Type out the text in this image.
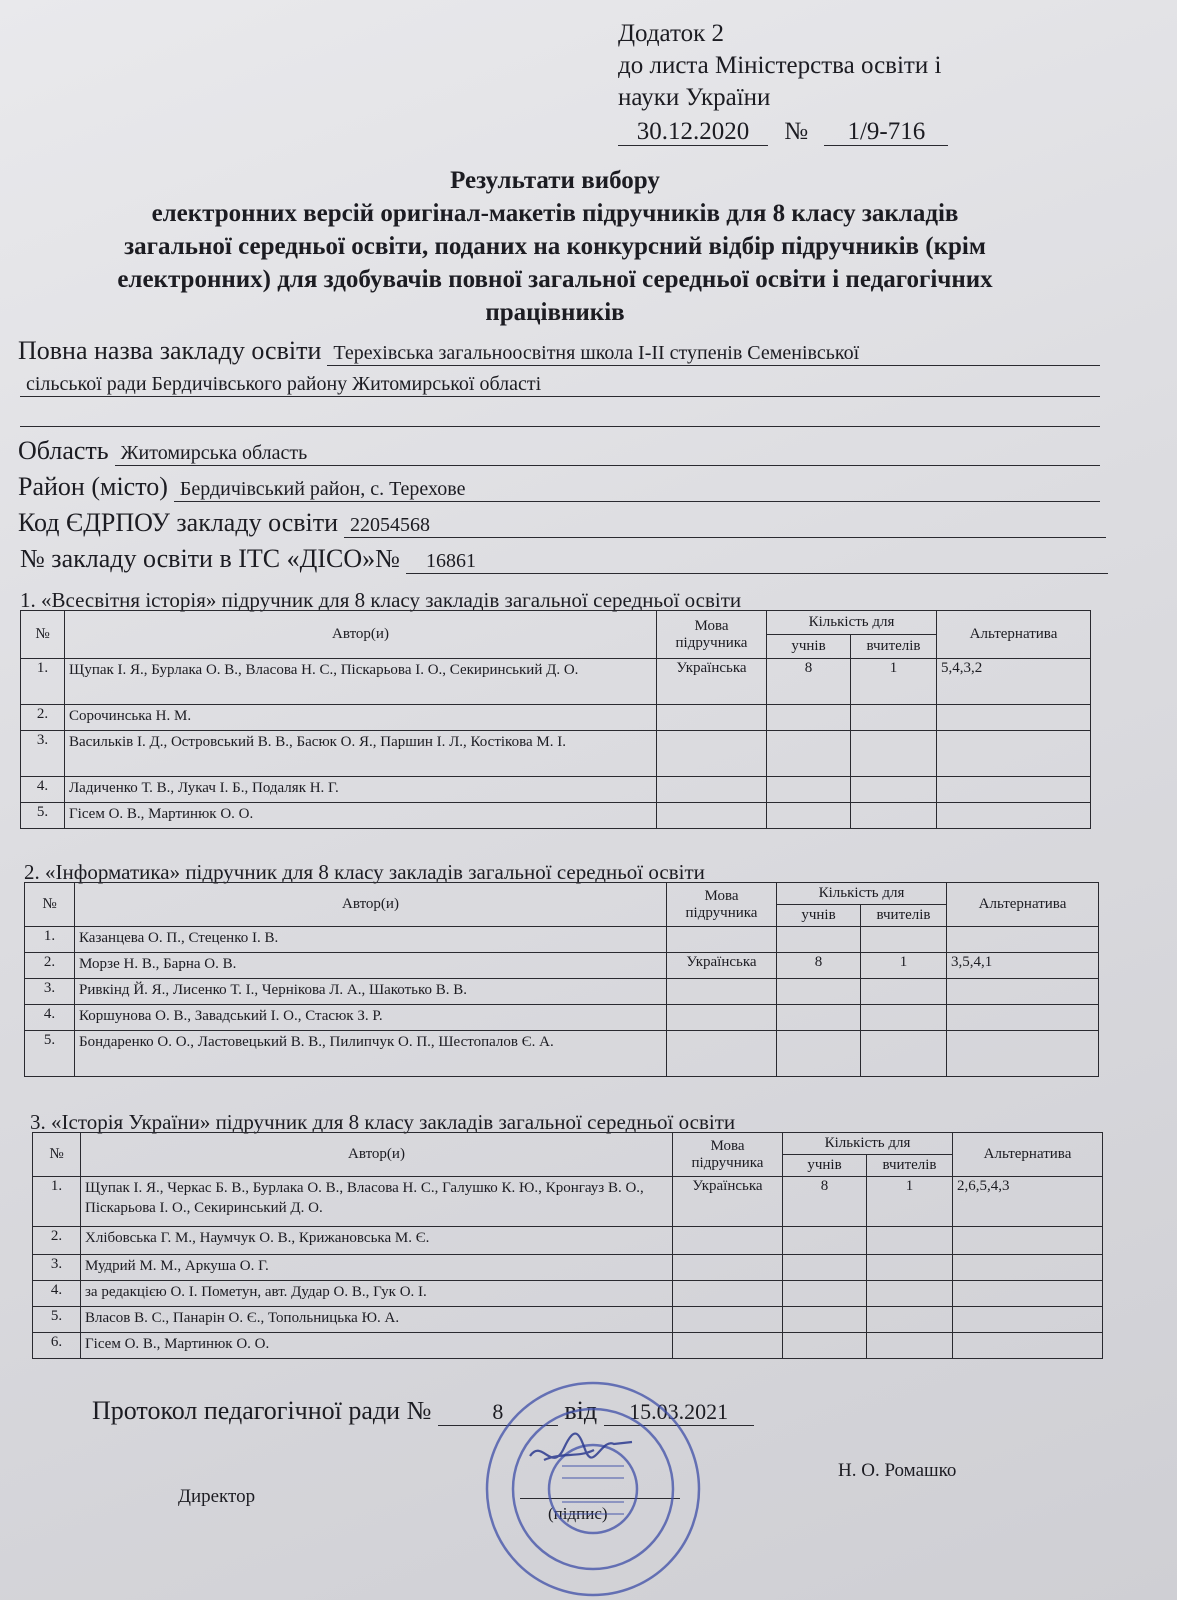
Додаток 2
до листа Міністерства освіти і
науки України
30.12.2020 № 1/9-716
Результати вибору
електронних версій оригінал-макетів підручників для 8 класу закладів
загальної середньої освіти, поданих на конкурсний відбір підручників (крім
електронних) для здобувачів повної загальної середньої освіти і педагогічних
працівників
Повна назва закладу освіти Терехівська загальноосвітня школа І-ІІ ступенів Семенівської
сільської ради Бердичівського району Житомирської області
Область Житомирська область
Район (місто) Бердичівський район, с. Терехове
Код ЄДРПОУ закладу освіти 22054568
№ закладу освіти в ІТС «ДІСО»№	16861
1. «Всесвітня історія» підручник для 8 класу закладів загальної середньої освіти
№	Автор(и)	Мова підручника	Кількість для		Альтернатива
			учнів	вчителів	
1.	Щупак І. Я., Бурлака О. В., Власова Н. С., Піскарьова І. О., Секиринський Д. О.	Українська	8	1	5,4,3,2
2.	Сорочинська Н. М.				
3.	Васильків І. Д., Островський В. В., Басюк О. Я., Паршин І. Л., Костікова М. І.				
4.	Ладиченко Т. В., Лукач І. Б., Подаляк Н. Г.				
5.	Гісем О. В., Мартинюк О. О.				
2. «Інформатика» підручник для 8 класу закладів загальної середньої освіти
№	Автор(и)	Мова підручника	Кількість для		Альтернатива
			учнів	вчителів	
1.	Казанцева О. П., Стеценко І. В.				
2.	Морзе Н. В., Барна О. В.	Українська	8	1	3,5,4,1
3.	Ривкінд Й. Я., Лисенко Т. І., Чернікова Л. А., Шакотько В. В.				
4.	Коршунова О. В., Завадський І. О., Стасюк З. Р.				
5.	Бондаренко О. О., Ластовецький В. В., Пилипчук О. П., Шестопалов Є. А.				
3. «Історія України» підручник для 8 класу закладів загальної середньої освіти
№	Автор(и)	Мова підручника	Кількість для		Альтернатива
			учнів	вчителів	
1.	Щупак І. Я., Черкас Б. В., Бурлака О. В., Власова Н. С., Галушко К. Ю., Кронгауз В. О., Піскарьова І. О., Секиринський Д. О.	Українська	8	1	2,6,5,4,3
2.	Хлібовська Г. М., Наумчук О. В., Крижановська М. Є.				
3.	Мудрий М. М., Аркуша О. Г.				
4.	за редакцією О. І. Пометун, авт. Дудар О. В., Гук О. І.				
5.	Власов В. С., Панарін О. Є., Топольницька Ю. А.				
6.	Гісем О. В., Мартинюк О. О.				
Протокол педагогічної ради №	8 від 15.03.2021
Директор
Н. О. Ромашко
(підпис)
